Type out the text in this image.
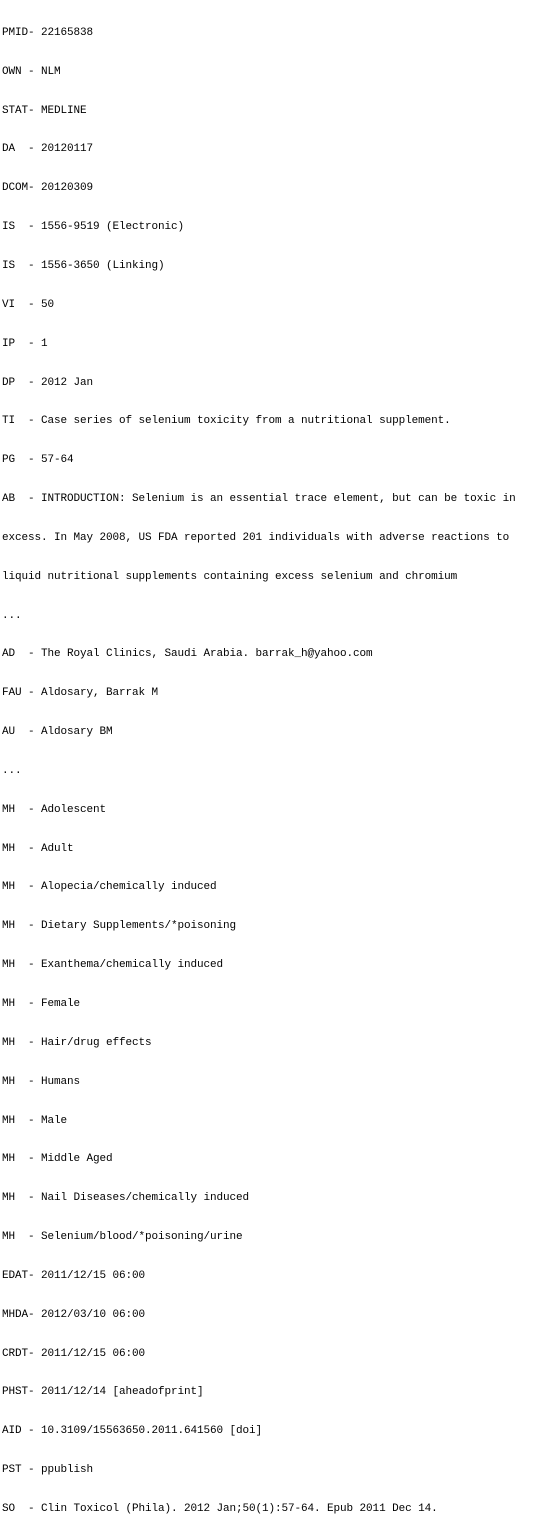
PMID- 22165838

OWN - NLM

STAT- MEDLINE

DA  - 20120117

DCOM- 20120309

IS  - 1556-9519 (Electronic)

IS  - 1556-3650 (Linking)

VI  - 50

IP  - 1

DP  - 2012 Jan

TI  - Case series of selenium toxicity from a nutritional supplement.

PG  - 57-64

AB  - INTRODUCTION: Selenium is an essential trace element, but can be toxic in

excess. In May 2008, US FDA reported 201 individuals with adverse reactions to

liquid nutritional supplements containing excess selenium and chromium

...

AD  - The Royal Clinics, Saudi Arabia. barrak_h@yahoo.com

FAU - Aldosary, Barrak M

AU  - Aldosary BM

...

MH  - Adolescent

MH  - Adult

MH  - Alopecia/chemically induced

MH  - Dietary Supplements/*poisoning

MH  - Exanthema/chemically induced

MH  - Female

MH  - Hair/drug effects

MH  - Humans

MH  - Male

MH  - Middle Aged

MH  - Nail Diseases/chemically induced

MH  - Selenium/blood/*poisoning/urine

EDAT- 2011/12/15 06:00

MHDA- 2012/03/10 06:00

CRDT- 2011/12/15 06:00

PHST- 2011/12/14 [aheadofprint]

AID - 10.3109/15563650.2011.641560 [doi]

PST - ppublish

SO  - Clin Toxicol (Phila). 2012 Jan;50(1):57-64. Epub 2011 Dec 14.
